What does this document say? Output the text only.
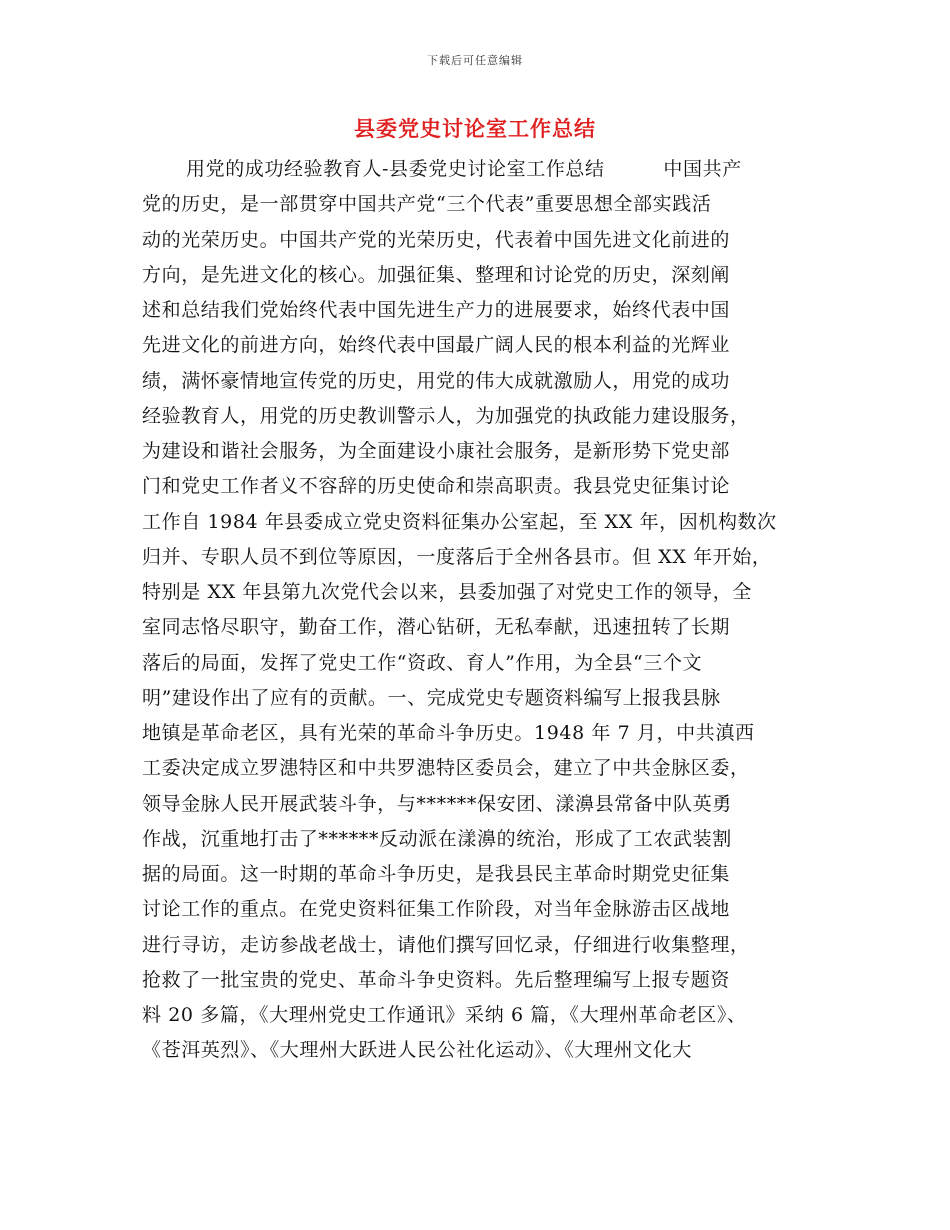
下载后可任意编辑
县委党史讨论室工作总结
用党的成功经验教育人-县委党史讨论室工作总结　　　中国共产
党的历史，是一部贯穿中国共产党“三个代表”重要思想全部实践活
动的光荣历史。中国共产党的光荣历史，代表着中国先进文化前进的
方向，是先进文化的核心。加强征集、整理和讨论党的历史，深刻阐
述和总结我们党始终代表中国先进生产力的进展要求，始终代表中国
先进文化的前进方向，始终代表中国最广阔人民的根本利益的光辉业
绩，满怀豪情地宣传党的历史，用党的伟大成就激励人，用党的成功
经验教育人，用党的历史教训警示人，为加强党的执政能力建设服务，
为建设和谐社会服务，为全面建设小康社会服务，是新形势下党史部
门和党史工作者义不容辞的历史使命和崇高职责。我县党史征集讨论
工作自 1984 年县委成立党史资料征集办公室起，至 XX 年，因机构数次
归并、专职人员不到位等原因，一度落后于全州各县市。但 XX 年开始，
特别是 XX 年县第九次党代会以来，县委加强了对党史工作的领导，全
室同志恪尽职守，勤奋工作，潜心钻研，无私奉献，迅速扭转了长期
落后的局面，发挥了党史工作“资政、育人”作用，为全县“三个文
明”建设作出了应有的贡献。一、完成党史专题资料编写上报我县脉
地镇是革命老区，具有光荣的革命斗争历史。1948 年 7 月，中共滇西
工委决定成立罗漶特区和中共罗漶特区委员会，建立了中共金脉区委，
领导金脉人民开展武装斗争，与******保安团、漾濞县常备中队英勇
作战，沉重地打击了******反动派在漾濞的统治，形成了工农武装割
据的局面。这一时期的革命斗争历史，是我县民主革命时期党史征集
讨论工作的重点。在党史资料征集工作阶段，对当年金脉游击区战地
进行寻访，走访参战老战士，请他们撰写回忆录，仔细进行收集整理，
抢救了一批宝贵的党史、革命斗争史资料。先后整理编写上报专题资
料 20 多篇，《大理州党史工作通讯》采纳 6 篇，《大理州革命老区》、
《苍洱英烈》、《大理州大跃进人民公社化运动》、《大理州文化大
